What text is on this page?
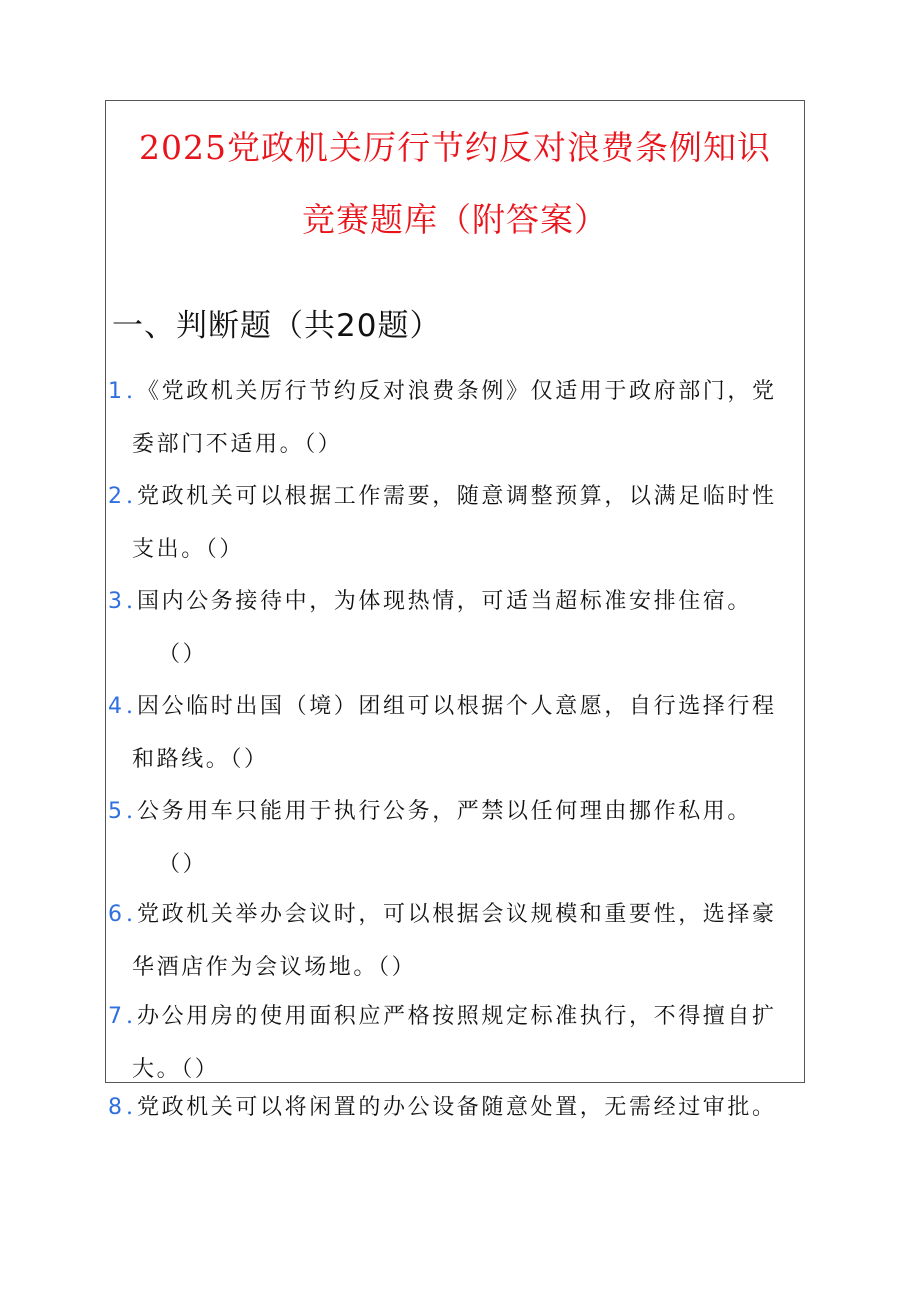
2025党政机关厉行节约反对浪费条例知识
竞赛题库（附答案）
一、判断题（共20题）
1 . 《党政机关厉行节约反对浪费条例》仅适用于政府部门，党
委部门不适用。（）
2 . 党政机关可以根据工作需要，随意调整预算，以满足临时性
支出。（）
3 . 国内公务接待中，为体现热情，可适当超标准安排住宿。
（）
4 . 因公临时出国（境）团组可以根据个人意愿，自行选择行程
和路线。（）
5 . 公务用车只能用于执行公务，严禁以任何理由挪作私用。
（）
6 . 党政机关举办会议时，可以根据会议规模和重要性，选择豪
华酒店作为会议场地。（）
7 . 办公用房的使用面积应严格按照规定标准执行，不得擅自扩
大。（）
8 . 党政机关可以将闲置的办公设备随意处置，无需经过审批。
